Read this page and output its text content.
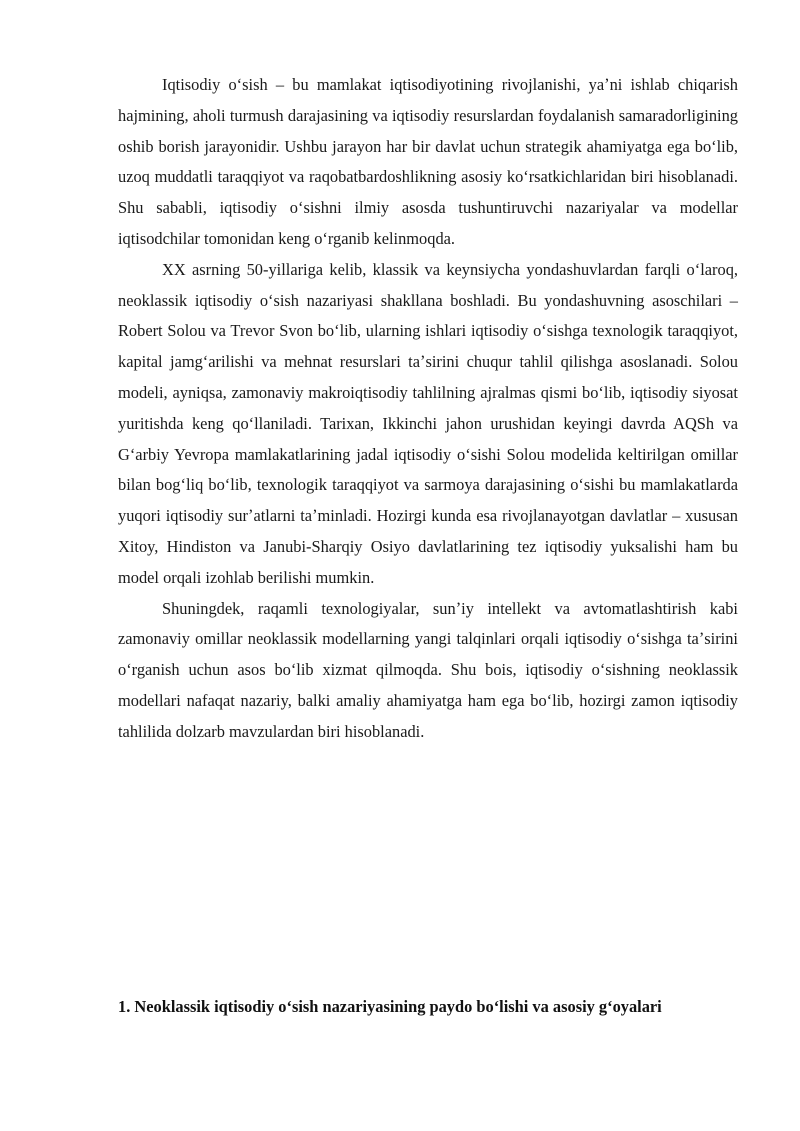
Iqtisodiy oʻsish – bu mamlakat iqtisodiyotining rivojlanishi, yaʼni ishlab chiqarish hajmining, aholi turmush darajasining va iqtisodiy resurslardan foydalanish samaradorligining oshib borish jarayonidir. Ushbu jarayon har bir davlat uchun strategik ahamiyatga ega boʻlib, uzoq muddatli taraqqiyot va raqobatbardoshlikning asosiy koʻrsatkichlaridan biri hisoblanadi. Shu sababli, iqtisodiy oʻsishni ilmiy asosda tushuntiruvchi nazariyalar va modellar iqtisodchilar tomonidan keng oʻrganib kelinmoqda.

XX asrning 50-yillariga kelib, klassik va keynsiycha yondashuvlardan farqli oʻlaroq, neoklassik iqtisodiy oʻsish nazariyasi shakllana boshladi. Bu yondashuvning asoschilari – Robert Solou va Trevor Svon boʻlib, ularning ishlari iqtisodiy oʻsishga texnologik taraqqiyot, kapital jamgʻarilishi va mehnat resurslari taʼsirini chuqur tahlil qilishga asoslanadi. Solou modeli, ayniqsa, zamonaviy makroiqtisodiy tahlilning ajralmas qismi boʻlib, iqtisodiy siyosat yuritishda keng qoʻllaniladi. Tarixan, Ikkinchi jahon urushidan keyingi davrda AQSh va Gʻarbiy Yevropa mamlakatlarining jadal iqtisodiy oʻsishi Solou modelida keltirilgan omillar bilan bogʻliq boʻlib, texnologik taraqqiyot va sarmoya darajasining oʻsishi bu mamlakatlarda yuqori iqtisodiy surʼatlarni taʼminladi. Hozirgi kunda esa rivojlanayotgan davlatlar – xususan Xitoy, Hindiston va Janubi-Sharqiy Osiyo davlatlarining tez iqtisodiy yuksalishi ham bu model orqali izohlab berilishi mumkin.

Shuningdek, raqamli texnologiyalar, sunʼiy intellekt va avtomatlashtirish kabi zamonaviy omillar neoklassik modellarning yangi talqinlari orqali iqtisodiy oʻsishga taʼsirini oʻrganish uchun asos boʻlib xizmat qilmoqda. Shu bois, iqtisodiy oʻsishning neoklassik modellari nafaqat nazariy, balki amaliy ahamiyatga ham ega boʻlib, hozirgi zamon iqtisodiy tahlilida dolzarb mavzulardan biri hisoblanadi.

1. Neoklassik iqtisodiy oʻsish nazariyasining paydo boʻlishi va asosiy gʻoyalari
